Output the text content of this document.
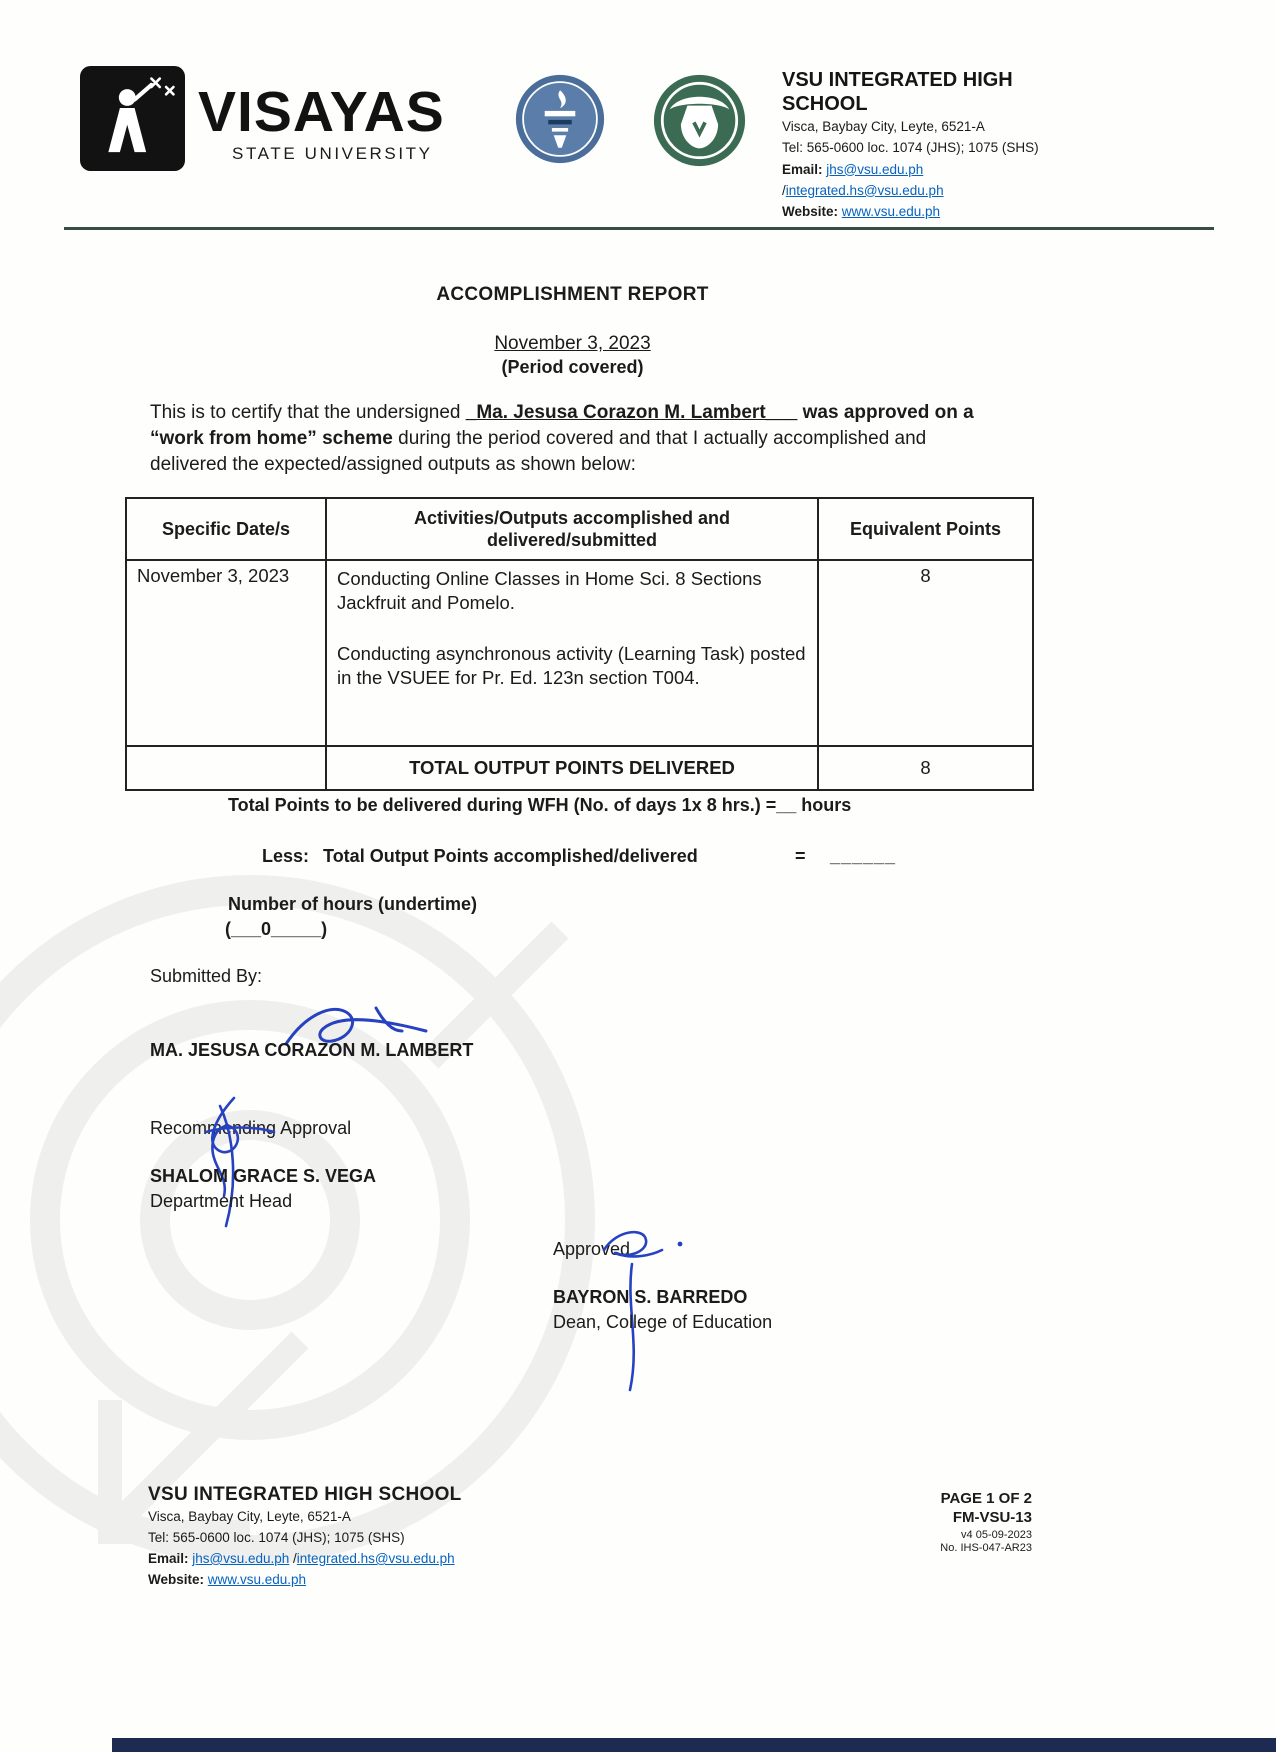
VISAYAS
STATE UNIVERSITY
VSU INTEGRATED HIGH SCHOOL
Visca, Baybay City, Leyte, 6521-A
Tel: 565-0600 loc. 1074 (JHS); 1075 (SHS)
Email: jhs@vsu.edu.ph
/integrated.hs@vsu.edu.ph
Website: www.vsu.edu.ph
ACCOMPLISHMENT REPORT
November 3, 2023
(Period covered)

This is to certify that the undersigned _Ma. Jesusa Corazon M. Lambert___ was approved on a “work from home” scheme during the period covered and that I actually accomplished and delivered the expected/assigned outputs as shown below:

Specific Date/s	Activities/Outputs accomplished and delivered/submitted	Equivalent Points
November 3, 2023	Conducting Online Classes in Home Sci. 8 Sections Jackfruit and Pomelo.

Conducting asynchronous activity (Learning Task) posted in the VSUEE for Pr. Ed. 123n section T004.	8
	TOTAL OUTPUT POINTS DELIVERED	8
Total Points to be delivered during WFH (No. of days 1x 8 hrs.) =__ hours
Less: Total Output Points accomplished/delivered	= ______
Number of hours (undertime)
(___0_____)
Submitted By:
MA. JESUSA CORAZON M. LAMBERT
Recommending Approval
SHALOM GRACE S. VEGA
Department Head
Approved
BAYRON S. BARREDO
Dean, College of Education
VSU INTEGRATED HIGH SCHOOL
Visca, Baybay City, Leyte, 6521-A
Tel: 565-0600 loc. 1074 (JHS); 1075 (SHS)
Email: jhs@vsu.edu.ph /integrated.hs@vsu.edu.ph
Website: www.vsu.edu.ph
PAGE 1 OF 2
FM-VSU-13
v4 05-09-2023
No. IHS-047-AR23
